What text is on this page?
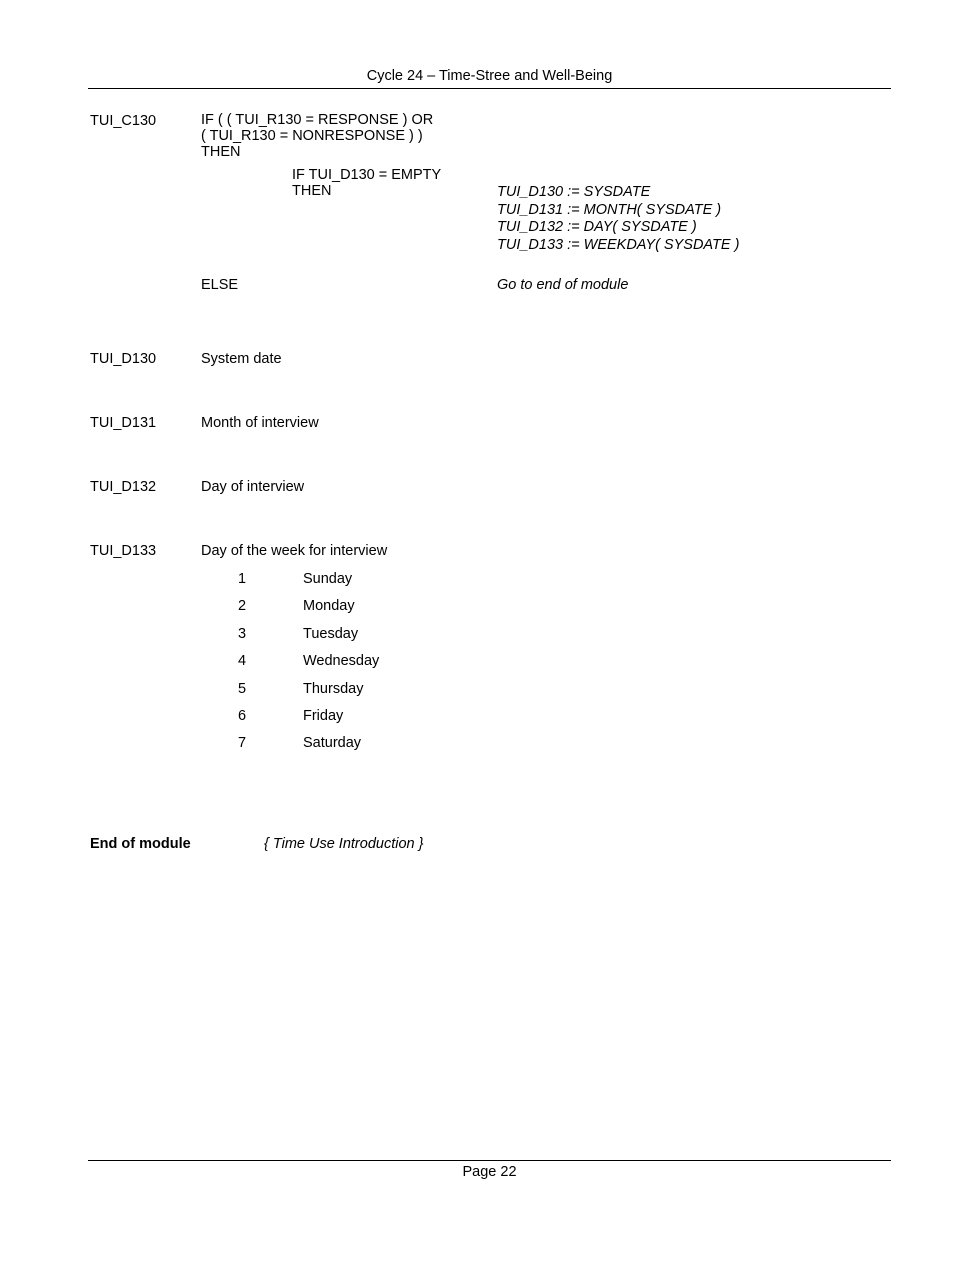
Cycle 24 – Time-Stree and Well-Being
TUI_C130	IF ( ( TUI_R130 = RESPONSE ) OR
( TUI_R130 = NONRESPONSE ) )
THEN
IF TUI_D130 = EMPTY
THEN	TUI_D130 := SYSDATE
TUI_D131 := MONTH( SYSDATE )
TUI_D132 := DAY( SYSDATE )
TUI_D133 := WEEKDAY( SYSDATE )
ELSE	Go to end of module
TUI_D130	System date
TUI_D131	Month of interview
TUI_D132	Day of interview
TUI_D133	Day of the week for interview
1	Sunday
2	Monday
3	Tuesday
4	Wednesday
5	Thursday
6	Friday
7	Saturday
End of module	{ Time Use Introduction }
Page 22
